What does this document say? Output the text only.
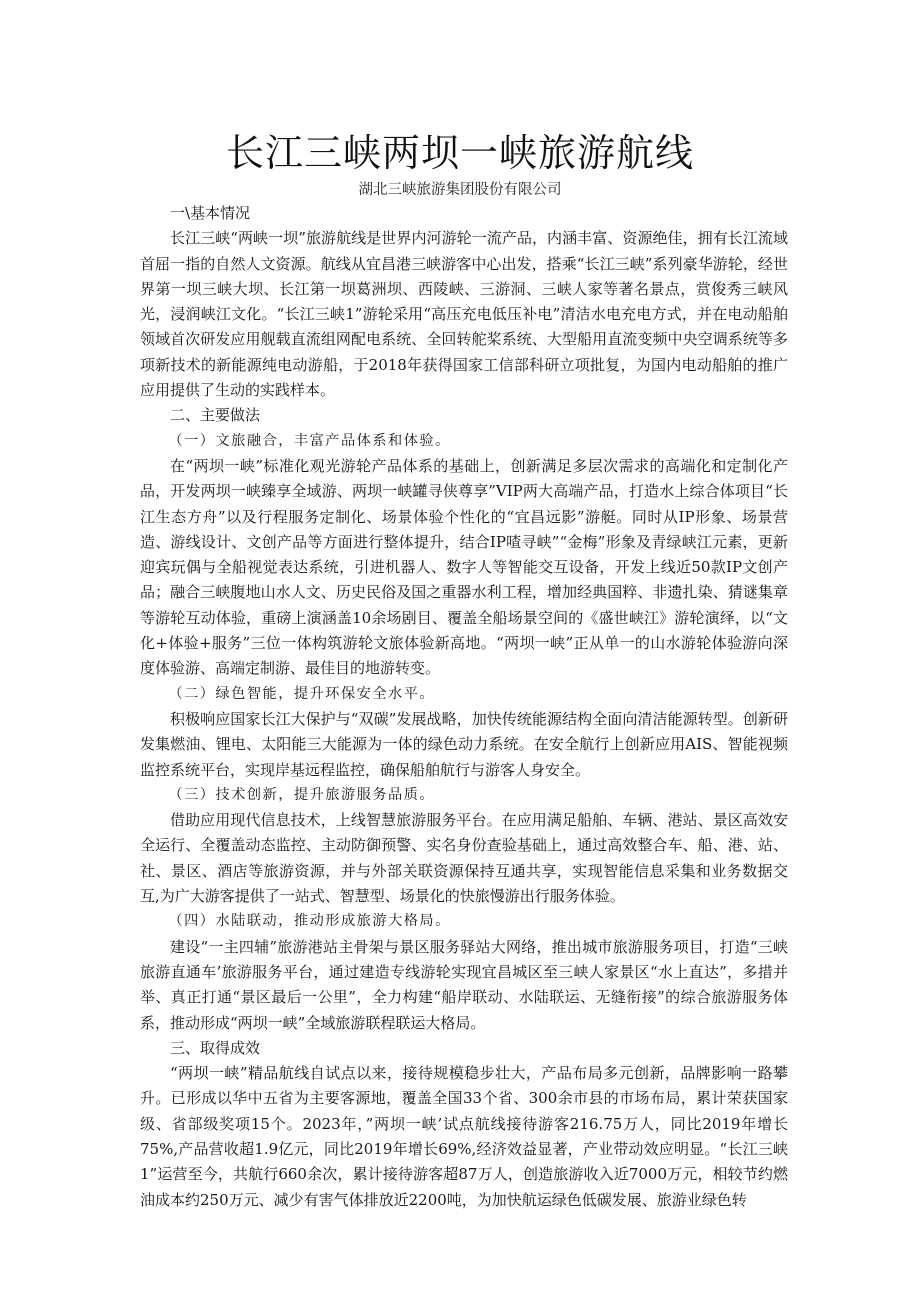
长江三峡两坝一峡旅游航线
湖北三峡旅游集团股份有限公司

一\基本情况

长江三峡“两峡一坝”旅游航线是世界内河游轮一流产品，内涵丰富、资源绝佳，拥有长江流域首屈一指的自然人文资源。航线从宜昌港三峡游客中心出发，搭乘“长江三峡”系列豪华游轮，经世界第一坝三峡大坝、长江第一坝葛洲坝、西陵峡、三游洞、三峡人家等著名景点，赏俊秀三峡风光，浸润峡江文化。“长江三峡1”游轮采用“高压充电低压补电”清洁水电充电方式，并在电动船舶领域首次研发应用舰载直流组网配电系统、全回转舵桨系统、大型船用直流变频中央空调系统等多项新技术的新能源纯电动游船，于2018年获得国家工信部科研立项批复，为国内电动船舶的推广应用提供了生动的实践样本。

二、主要做法

（一）文旅融合，丰富产品体系和体验。

在“两坝一峡”标准化观光游轮产品体系的基础上，创新满足多层次需求的高端化和定制化产品，开发两坝一峡臻享全域游、两坝一峡罐寻侠尊享”VIP两大高端产品，打造水上综合体项目“长江生态方舟”以及行程服务定制化、场景体验个性化的“宜昌远影”游艇。同时从IP形象、场景营造、游线设计、文创产品等方面进行整体提升，结合IP喳寻峡”“金梅”形象及青绿峡江元素，更新迎宾玩偶与全船视觉表达系统，引进机器人、数字人等智能交互设备，开发上线近50款IP文创产品；融合三峡腹地山水人文、历史民俗及国之重器水利工程，增加经典国粹、非遗扎染、猜谜集章等游轮互动体验，重磅上演涵盖10余场剧目、覆盖全船场景空间的《盛世峡江》游轮演绎，以“文化+体验+服务”三位一体构筑游轮文旅体验新高地。“两坝一峡”正从单一的山水游轮体验游向深度体验游、高端定制游、最佳目的地游转变。

（二）绿色智能，提升环保安全水平。

积极响应国家长江大保护与“双碳”发展战略，加快传统能源结构全面向清洁能源转型。创新研发集燃油、锂电、太阳能三大能源为一体的绿色动力系统。在安全航行上创新应用AIS、智能视频监控系统平台，实现岸基远程监控，确保船舶航行与游客人身安全。

（三）技术创新，提升旅游服务品质。

借助应用现代信息技术，上线智慧旅游服务平台。在应用满足船舶、车辆、港站、景区高效安全运行、全覆盖动态监控、主动防御预警、实名身份查验基础上，通过高效整合车、船、港、站、社、景区、酒店等旅游资源，并与外部关联资源保持互通共享，实现智能信息采集和业务数据交互,为广大游客提供了一站式、智慧型、场景化的快旅慢游出行服务体验。

（四）水陆联动，推动形成旅游大格局。

建设“一主四辅”旅游港站主骨架与景区服务驿站大网络，推出城市旅游服务项目，打造“三峡旅游直通车’旅游服务平台，通过建造专线游轮实现宜昌城区至三峡人家景区“水上直达”，多措并举、真正打通“景区最后一公里”，全力构建“船岸联动、水陆联运、无缝衔接”的综合旅游服务体系，推动形成“两坝一峡”全域旅游联程联运大格局。

三、取得成效

“两坝一峡”精品航线自试点以来，接待规模稳步壮大，产品布局多元创新，品牌影响一路攀升。已形成以华中五省为主要客源地，覆盖全国33个省、300余市县的市场布局，累计荣获国家级、省部级奖项15个。2023年，”两坝一峡’试点航线接待游客216.75万人，同比2019年增长75%,产品营收超1.9亿元，同比2019年增长69%,经济效益显著，产业带动效应明显。“长江三峡1”运营至今，共航行660余次，累计接待游客超87万人，创造旅游收入近7000万元，相较节约燃油成本约250万元、减少有害气体排放近2200吨，为加快航运绿色低碳发展、旅游业绿色转
